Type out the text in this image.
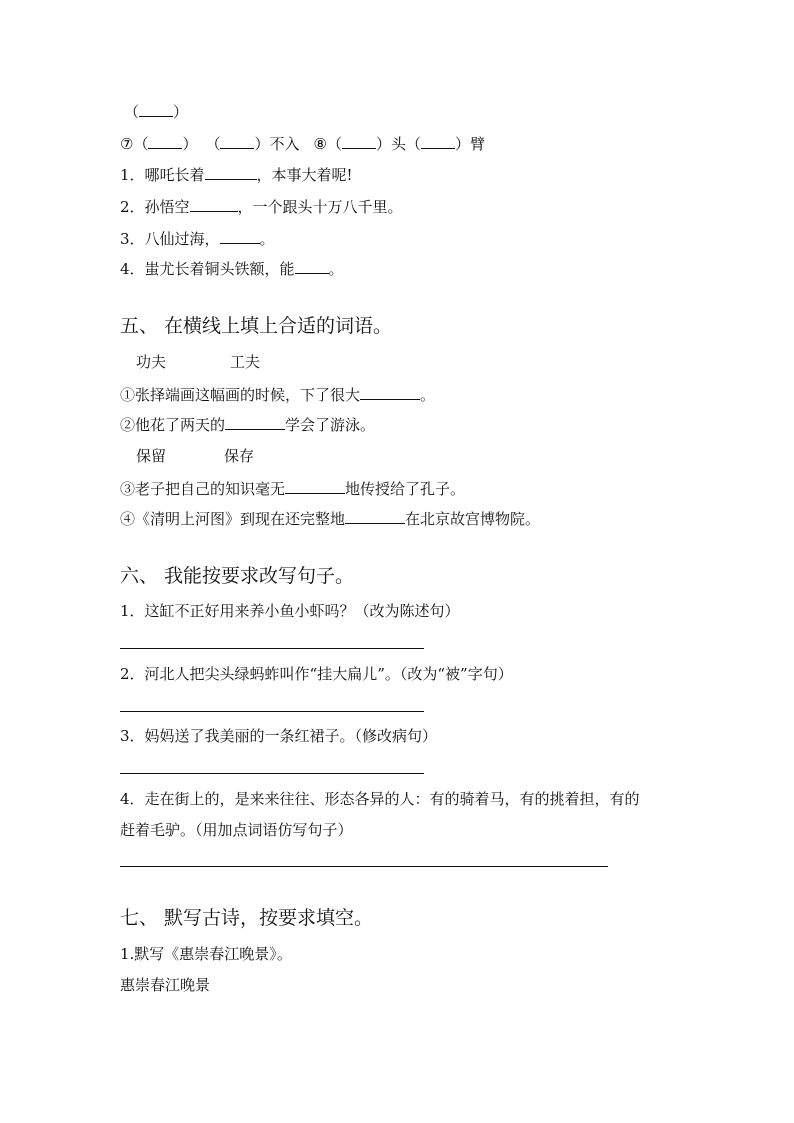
（ ）
⑦（ ） （ ）不入 ⑧（ ）头（ ）臂
1．哪吒长着	，本事大着呢!
2．孙悟空	，一个跟头十万八千里。
3．八仙过海，	。
4．蚩尤长着铜头铁额，能 。
五、 在横线上填上合适的词语。
功夫	工夫
①张择端画这幅画的时候，下了很大	。
②他花了两天的	学会了游泳。
保留	保存
③老子把自己的知识毫无	地传授给了孔子。
④《清明上河图》到现在还完整地	在北京故宫博物院。
六、 我能按要求改写句子。
1．这缸不正好用来养小鱼小虾吗？（改为陈述句）
2．河北人把尖头绿蚂蚱叫作“挂大扁儿”。（改为“被”字句）
3．妈妈送了我美丽的一条红裙子。（修改病句）
4．走在街上的，是来来往往、形态各异的人：有的骑着马，有的挑着担，有的
赶着毛驴。（用加点词语仿写句子）
七、 默写古诗，按要求填空。
1.默写《惠崇春江晚景》。
惠崇春江晚景
